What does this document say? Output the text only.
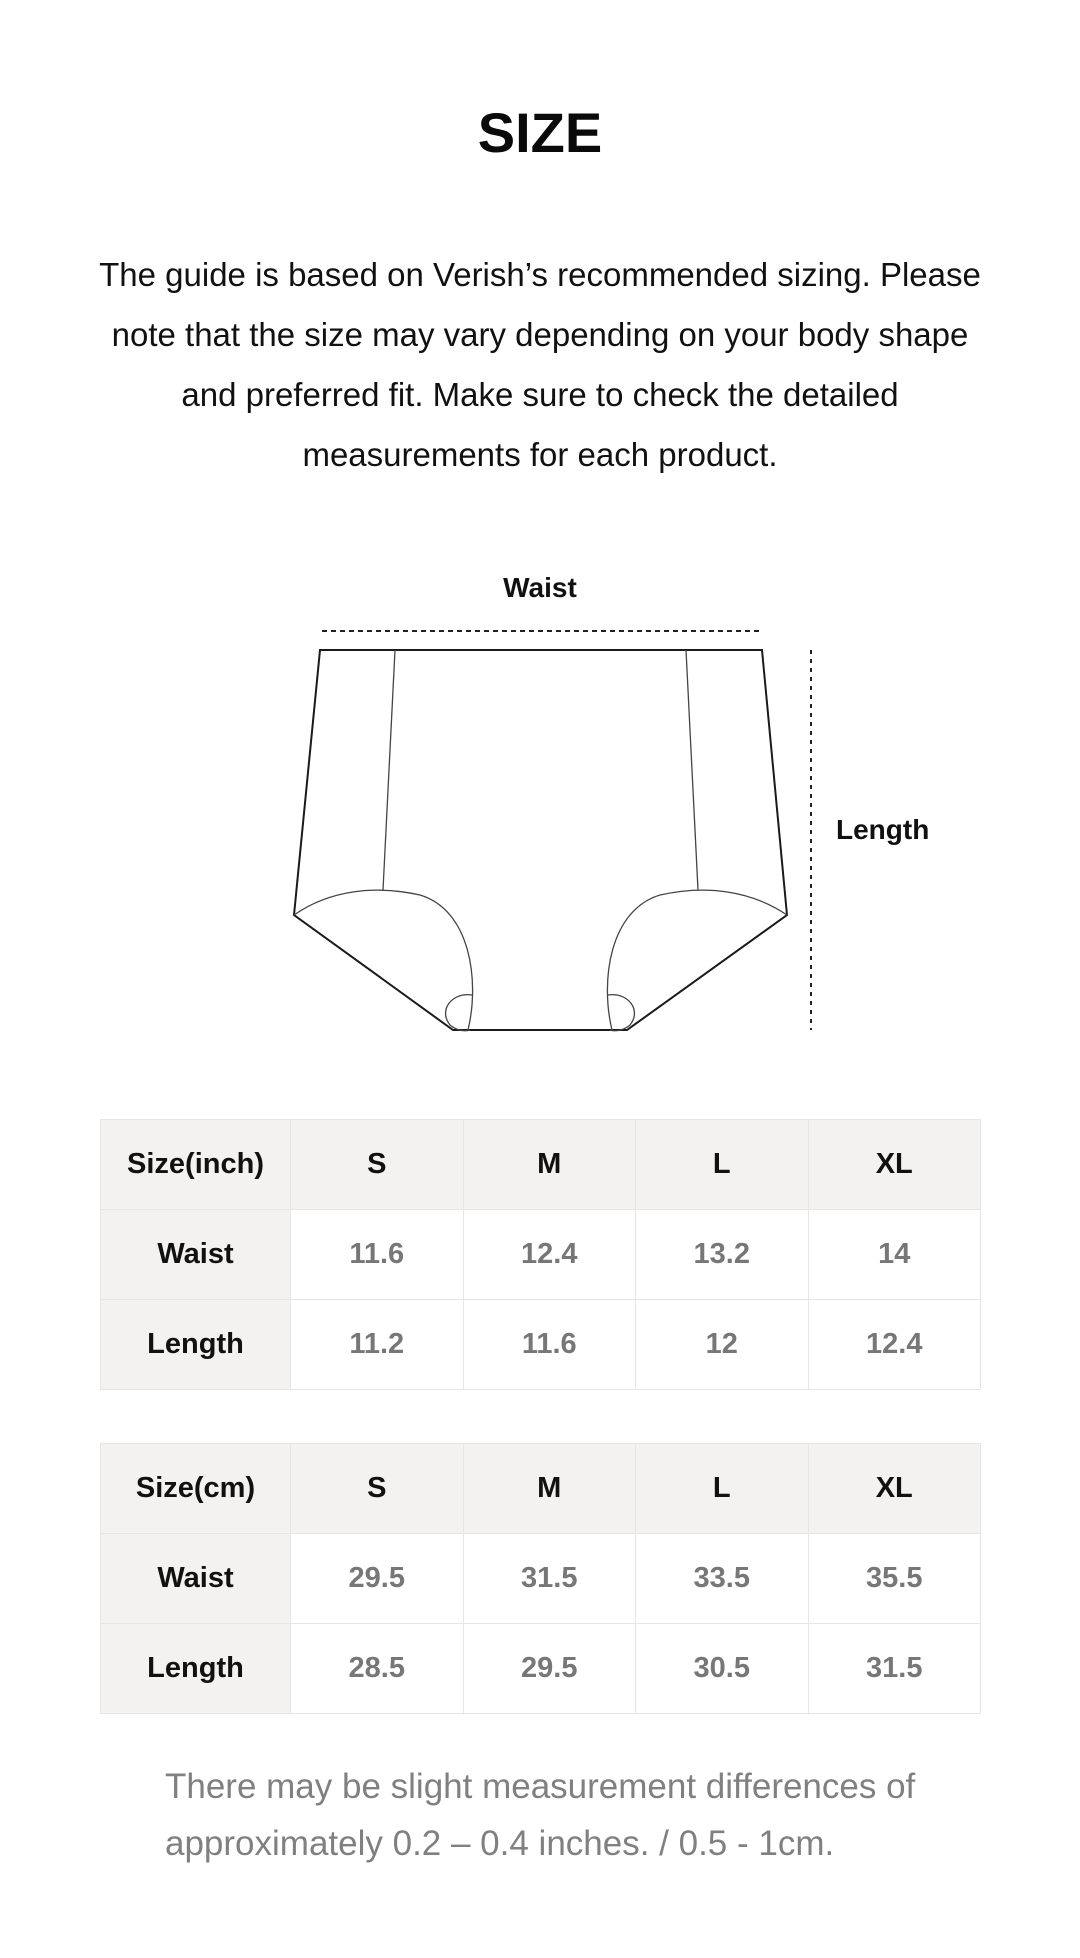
SIZE
The guide is based on Verish’s recommended sizing. Please note that the size may vary depending on your body shape and preferred fit. Make sure to check the detailed measurements for each product.
Waist
Length
Size(inch)	S	M	L	XL
Waist	11.6	12.4	13.2	14
Length	11.2	11.6	12	12.4
Size(cm)	S	M	L	XL
Waist	29.5	31.5	33.5	35.5
Length	28.5	29.5	30.5	31.5
There may be slight measurement differences of approximately 0.2 – 0.4 inches. / 0.5 - 1cm.
